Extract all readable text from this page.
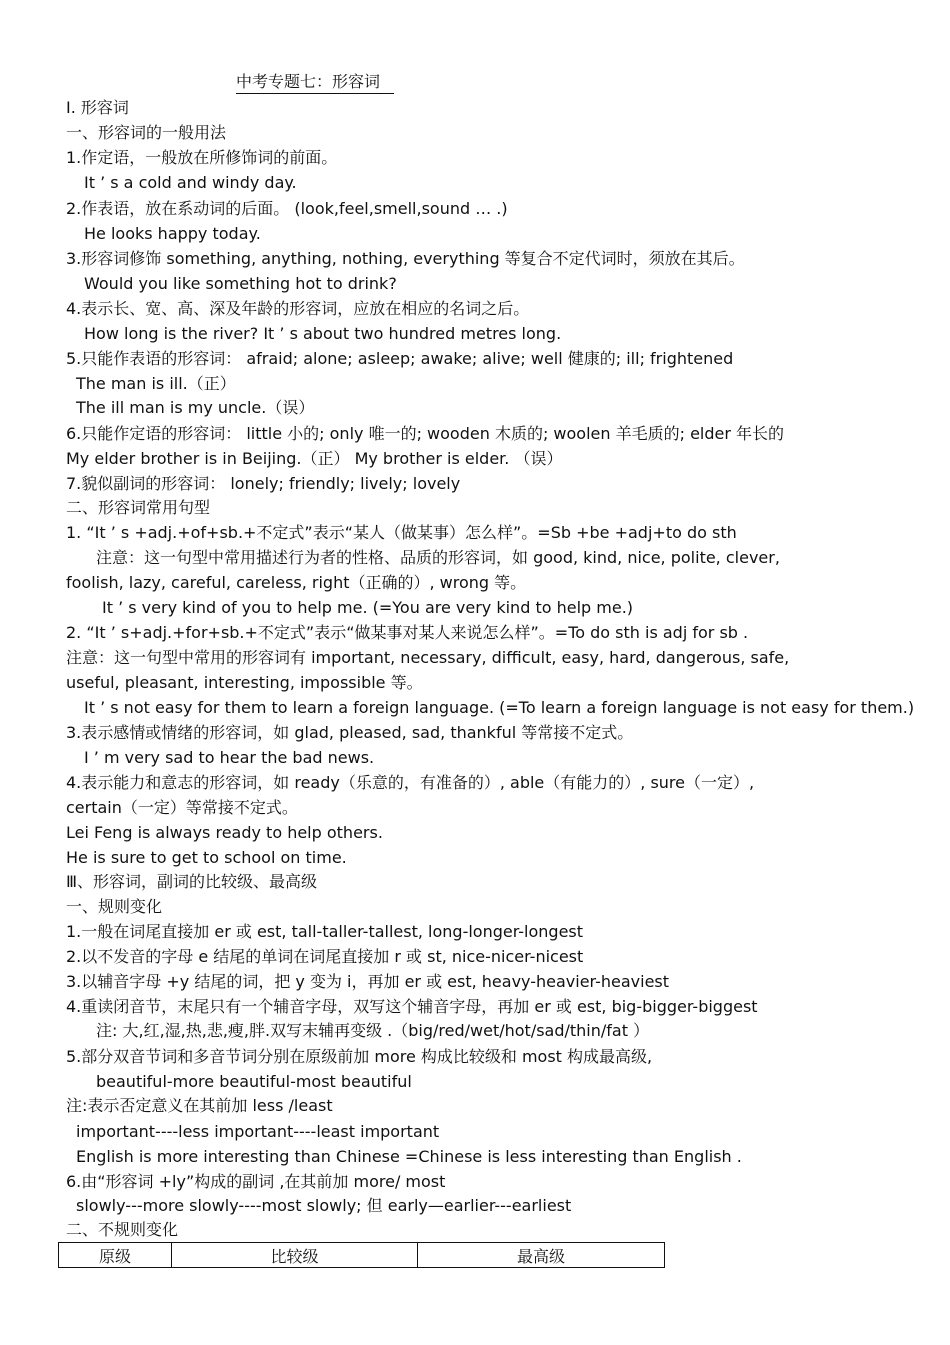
中考专题七：形容词
I. 形容词
一、形容词的一般用法
1.作定语，一般放在所修饰词的前面。
It ’ s a cold and windy day.
2.作表语，放在系动词的后面。 (look,feel,smell,sound … .)
He looks happy today.
3.形容词修饰 something, anything, nothing, everything 等复合不定代词时，须放在其后。
Would you like something hot to drink?
4.表示长、宽、高、深及年龄的形容词，应放在相应的名词之后。
How long is the river? It ’ s about two hundred metres long.
5.只能作表语的形容词： afraid; alone; asleep; awake; alive; well 健康的; ill; frightened
The man is ill.（正）
The ill man is my uncle.（误）
6.只能作定语的形容词： little 小的; only 唯一的; wooden 木质的; woolen 羊毛质的; elder 年长的
My elder brother is in Beijing.（正） My brother is elder. （误）
7.貌似副词的形容词： lonely; friendly; lively; lovely
二、形容词常用句型
1. “It ’ s +adj.+of+sb.+不定式”表示“某人（做某事）怎么样”。=Sb +be +adj+to do sth
注意：这一句型中常用描述行为者的性格、品质的形容词，如 good, kind, nice, polite, clever,
foolish, lazy, careful, careless, right（正确的）, wrong 等。
It ’ s very kind of you to help me. (=You are very kind to help me.)
2. “It ’ s+adj.+for+sb.+不定式”表示“做某事对某人来说怎么样”。=To do sth is adj for sb .
注意：这一句型中常用的形容词有 important, necessary, difficult, easy, hard, dangerous, safe,
useful, pleasant, interesting, impossible 等。
It ’ s not easy for them to learn a foreign language. (=To learn a foreign language is not easy for them.)
3.表示感情或情绪的形容词，如 glad, pleased, sad, thankful 等常接不定式。
I ’ m very sad to hear the bad news.
4.表示能力和意志的形容词，如 ready（乐意的，有准备的）, able（有能力的）, sure（一定）,
certain（一定）等常接不定式。
Lei Feng is always ready to help others.
He is sure to get to school on time.
Ⅲ、形容词，副词的比较级、最高级
一、规则变化
1.一般在词尾直接加 er 或 est, tall-taller-tallest, long-longer-longest
2.以不发音的字母 e 结尾的单词在词尾直接加 r 或 st, nice-nicer-nicest
3.以辅音字母 +y 结尾的词，把 y 变为 i，再加 er 或 est, heavy-heavier-heaviest
4.重读闭音节，末尾只有一个辅音字母，双写这个辅音字母，再加 er 或 est, big-bigger-biggest
注: 大,红,湿,热,悲,瘦,胖.双写末辅再变级 .（big/red/wet/hot/sad/thin/fat ）
5.部分双音节词和多音节词分别在原级前加 more 构成比较级和 most 构成最高级,
beautiful-more beautiful-most beautiful
注:表示否定意义在其前加 less /least
important----less important----least important
English is more interesting than Chinese =Chinese is less interesting than English .
6.由“形容词 +ly”构成的副词 ,在其前加 more/ most
slowly---more slowly----most slowly; 但 early—earlier---earliest
二、不规则变化
原级	比较级	最高级
